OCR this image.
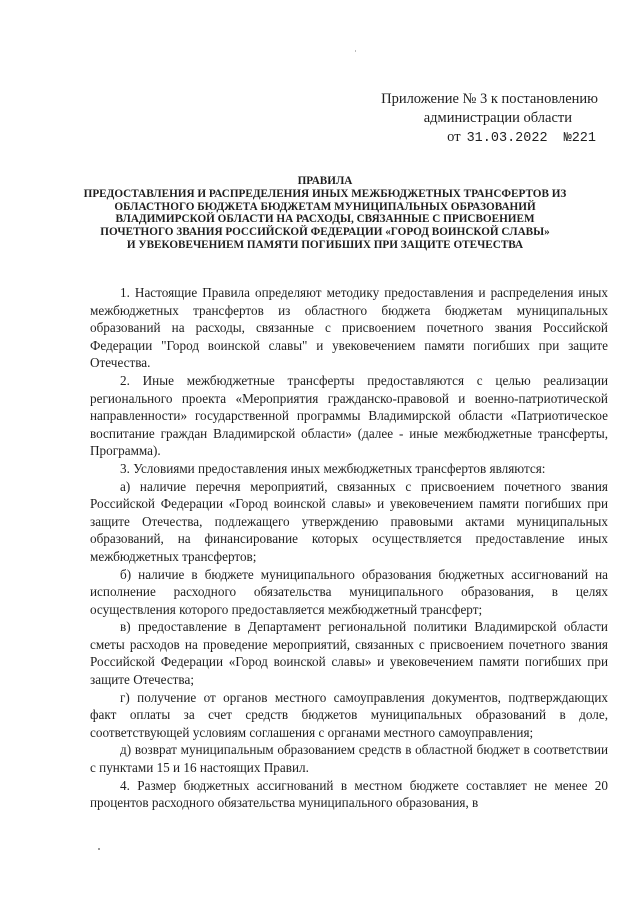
Приложение № 3 к постановлению
администрации области
от 31.03.2022 №221
ПРАВИЛА
ПРЕДОСТАВЛЕНИЯ И РАСПРЕДЕЛЕНИЯ ИНЫХ МЕЖБЮДЖЕТНЫХ ТРАНСФЕРТОВ ИЗ
ОБЛАСТНОГО БЮДЖЕТА БЮДЖЕТАМ МУНИЦИПАЛЬНЫХ ОБРАЗОВАНИЙ
ВЛАДИМИРСКОЙ ОБЛАСТИ НА РАСХОДЫ, СВЯЗАННЫЕ С ПРИСВОЕНИЕМ
ПОЧЕТНОГО ЗВАНИЯ РОССИЙСКОЙ ФЕДЕРАЦИИ «ГОРОД ВОИНСКОЙ СЛАВЫ»
И УВЕКОВЕЧЕНИЕМ ПАМЯТИ ПОГИБШИХ ПРИ ЗАЩИТЕ ОТЕЧЕСТВА

1. Настоящие Правила определяют методику предоставления и распределения иных межбюджетных трансфертов из областного бюджета бюджетам муниципальных образований на расходы, связанные с присвоением почетного звания Российской Федерации "Город воинской славы" и увековечением памяти погибших при защите Отечества.

2. Иные межбюджетные трансферты предоставляются с целью реализации регионального проекта «Мероприятия гражданско-правовой и военно-патриотической направленности» государственной программы Владимирской области «Патриотическое воспитание граждан Владимирской области» (далее - иные межбюджетные трансферты, Программа).

3. Условиями предоставления иных межбюджетных трансфертов являются:

а) наличие перечня мероприятий, связанных с присвоением почетного звания Российской Федерации «Город воинской славы» и увековечением памяти погибших при защите Отечества, подлежащего утверждению правовыми актами муниципальных образований, на финансирование которых осуществляется предоставление иных межбюджетных трансфертов;

б) наличие в бюджете муниципального образования бюджетных ассигнований на исполнение расходного обязательства муниципального образования, в целях осуществления которого предоставляется межбюджетный трансферт;

в) предоставление в Департамент региональной политики Владимирской области сметы расходов на проведение мероприятий, связанных с присвоением почетного звания Российской Федерации «Город воинской славы» и увековечением памяти погибших при защите Отечества;

г) получение от органов местного самоуправления документов, подтверждающих факт оплаты за счет средств бюджетов муниципальных образований в доле, соответствующей условиям соглашения с органами местного самоуправления;

д) возврат муниципальным образованием средств в областной бюджет в соответствии с пунктами 15 и 16 настоящих Правил.

4. Размер бюджетных ассигнований в местном бюджете составляет не менее 20 процентов расходного обязательства муниципального образования, в
